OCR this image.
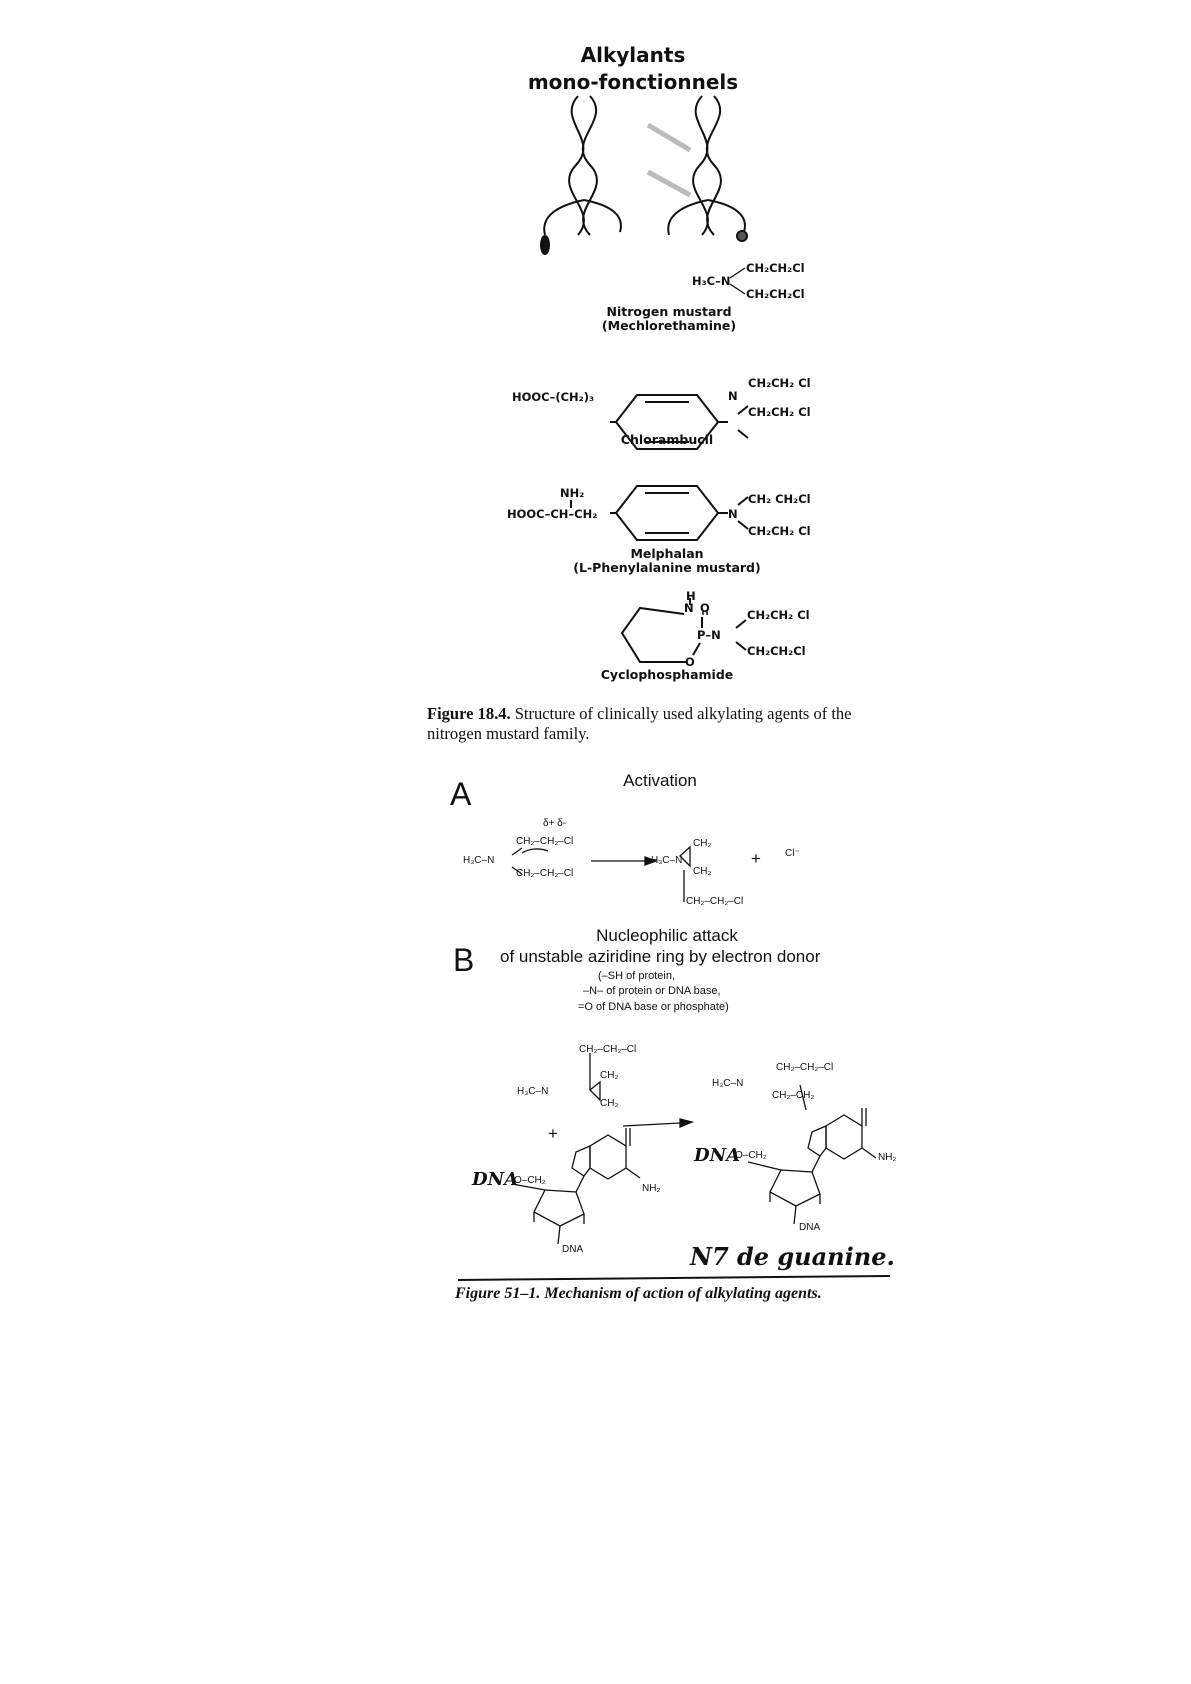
Alkylants
mono-fonctionnels
H₃C–N
CH₂CH₂Cl
CH₂CH₂Cl
Nitrogen mustard
(Mechlorethamine)
HOOC–(CH₂)₃	N
CH₂CH₂ Cl
CH₂CH₂ Cl
Chlorambucil
NH₂
HOOC–CH–CH₂	N
CH₂ CH₂Cl
CH₂CH₂ Cl
Melphalan
(L-Phenylalanine mustard)
H
N O
P–N
O
CH₂CH₂ Cl
CH₂CH₂Cl
Cyclophosphamide
Figure 18.4. Structure of clinically used alkylating agents of the
nitrogen mustard family.
A	Activation
δ+ δ-
H₃C–N
CH₂–CH₂–Cl
CH₂–CH₂–Cl
H₃C–N
CH₂
CH₂
CH₂–CH₂–Cl
+ Cl⁻
B
Nucleophilic attack
of unstable aziridine ring by electron donor
(–SH of protein,
–N– of protein or DNA base,
=O of DNA base or phosphate)
CH₂–CH₂–Cl
H₃C–N
CH₂
CH₂
+
DNA
O–CH₂
NH₂
DNA
H₃C–N
CH₂–CH₂–Cl
CH₂–CH₂
DNA
O–CH₂	NH₂
DNA
N7 de guanine.
Figure 51–1. Mechanism of action of alkylating agents.
